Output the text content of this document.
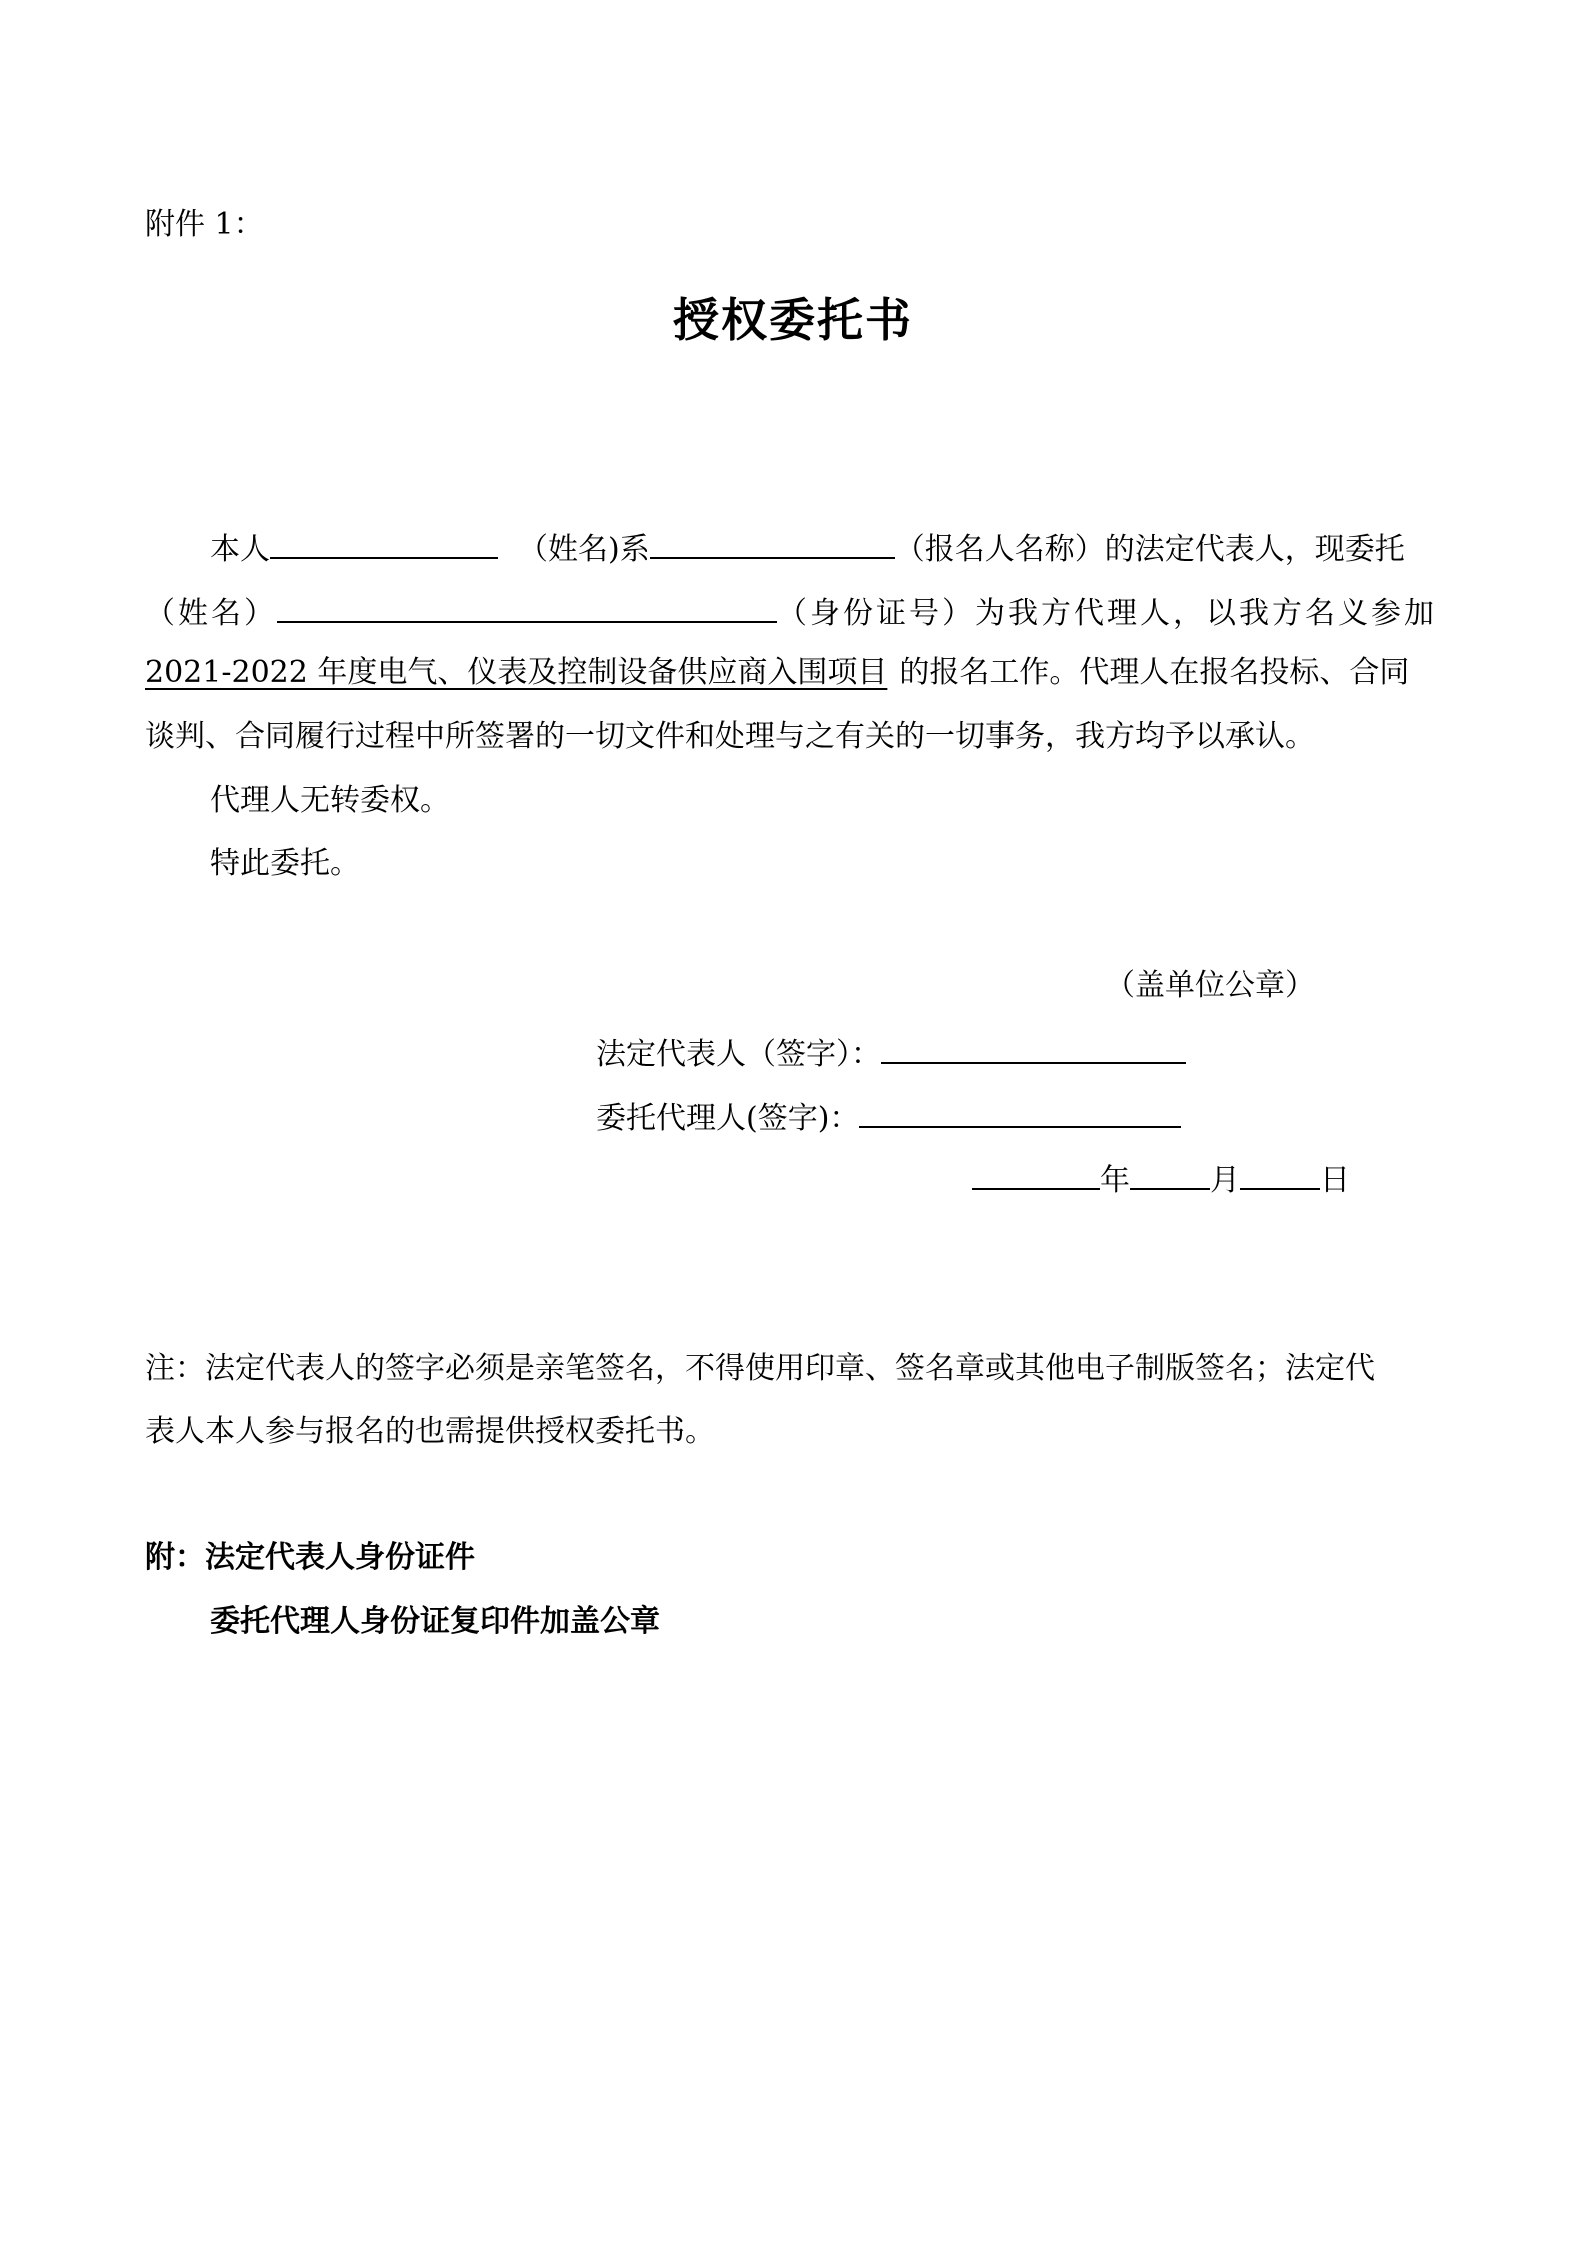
附件 1：
授权委托书
本人	（姓名)系	（报名人名称）的法定代表人，现委托
（姓名）	（身份证号）为我方代理人，以我方名义参加
2021-2022 年度电气、仪表及控制设备供应商入围项目 的报名工作。代理人在报名投标、合同
谈判、合同履行过程中所签署的一切文件和处理与之有关的一切事务，我方均予以承认。
代理人无转委权。
特此委托。
（盖单位公章）
法定代表人（签字）：
委托代理人(签字)：
年	月	日
注：法定代表人的签字必须是亲笔签名，不得使用印章、签名章或其他电子制版签名；法定代
表人本人参与报名的也需提供授权委托书。
附：法定代表人身份证件
委托代理人身份证复印件加盖公章
